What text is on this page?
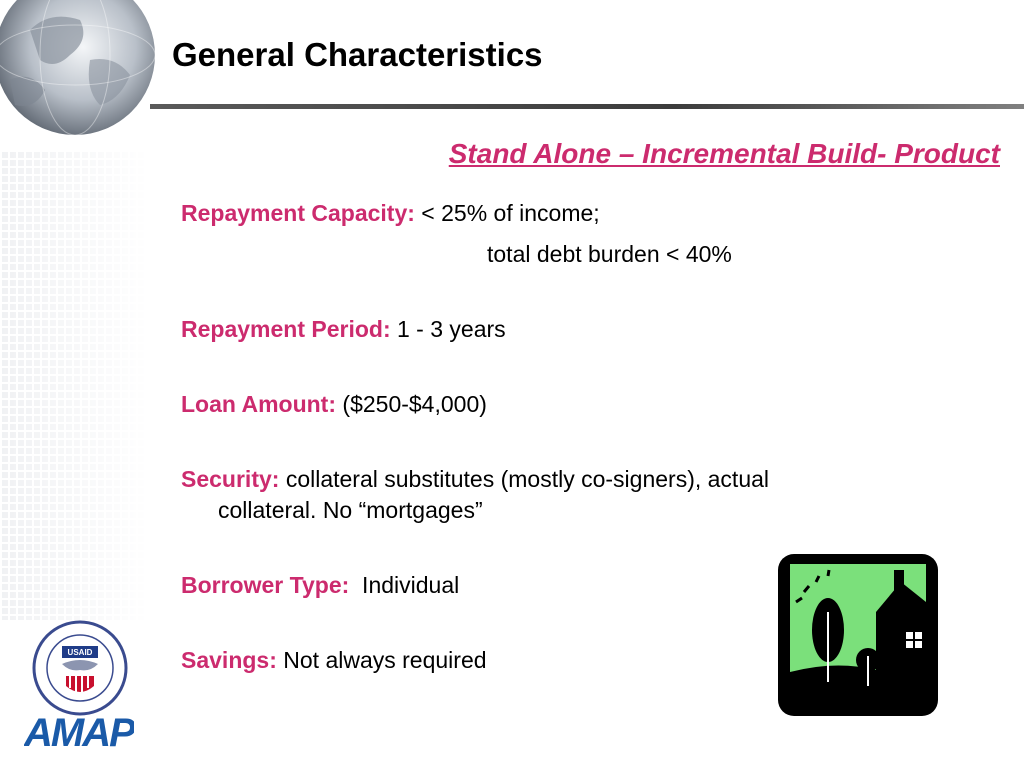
General Characteristics
Stand Alone – Incremental Build- Product

Repayment Capacity: < 25% of income;
total debt burden < 40%

Repayment Period: 1 - 3 years

Loan Amount: ($250-$4,000)

Security: collateral substitutes (mostly co-signers), actual
collateral. No “mortgages”

Borrower Type:  Individual

Savings: Not always required

USAID
AMAP
